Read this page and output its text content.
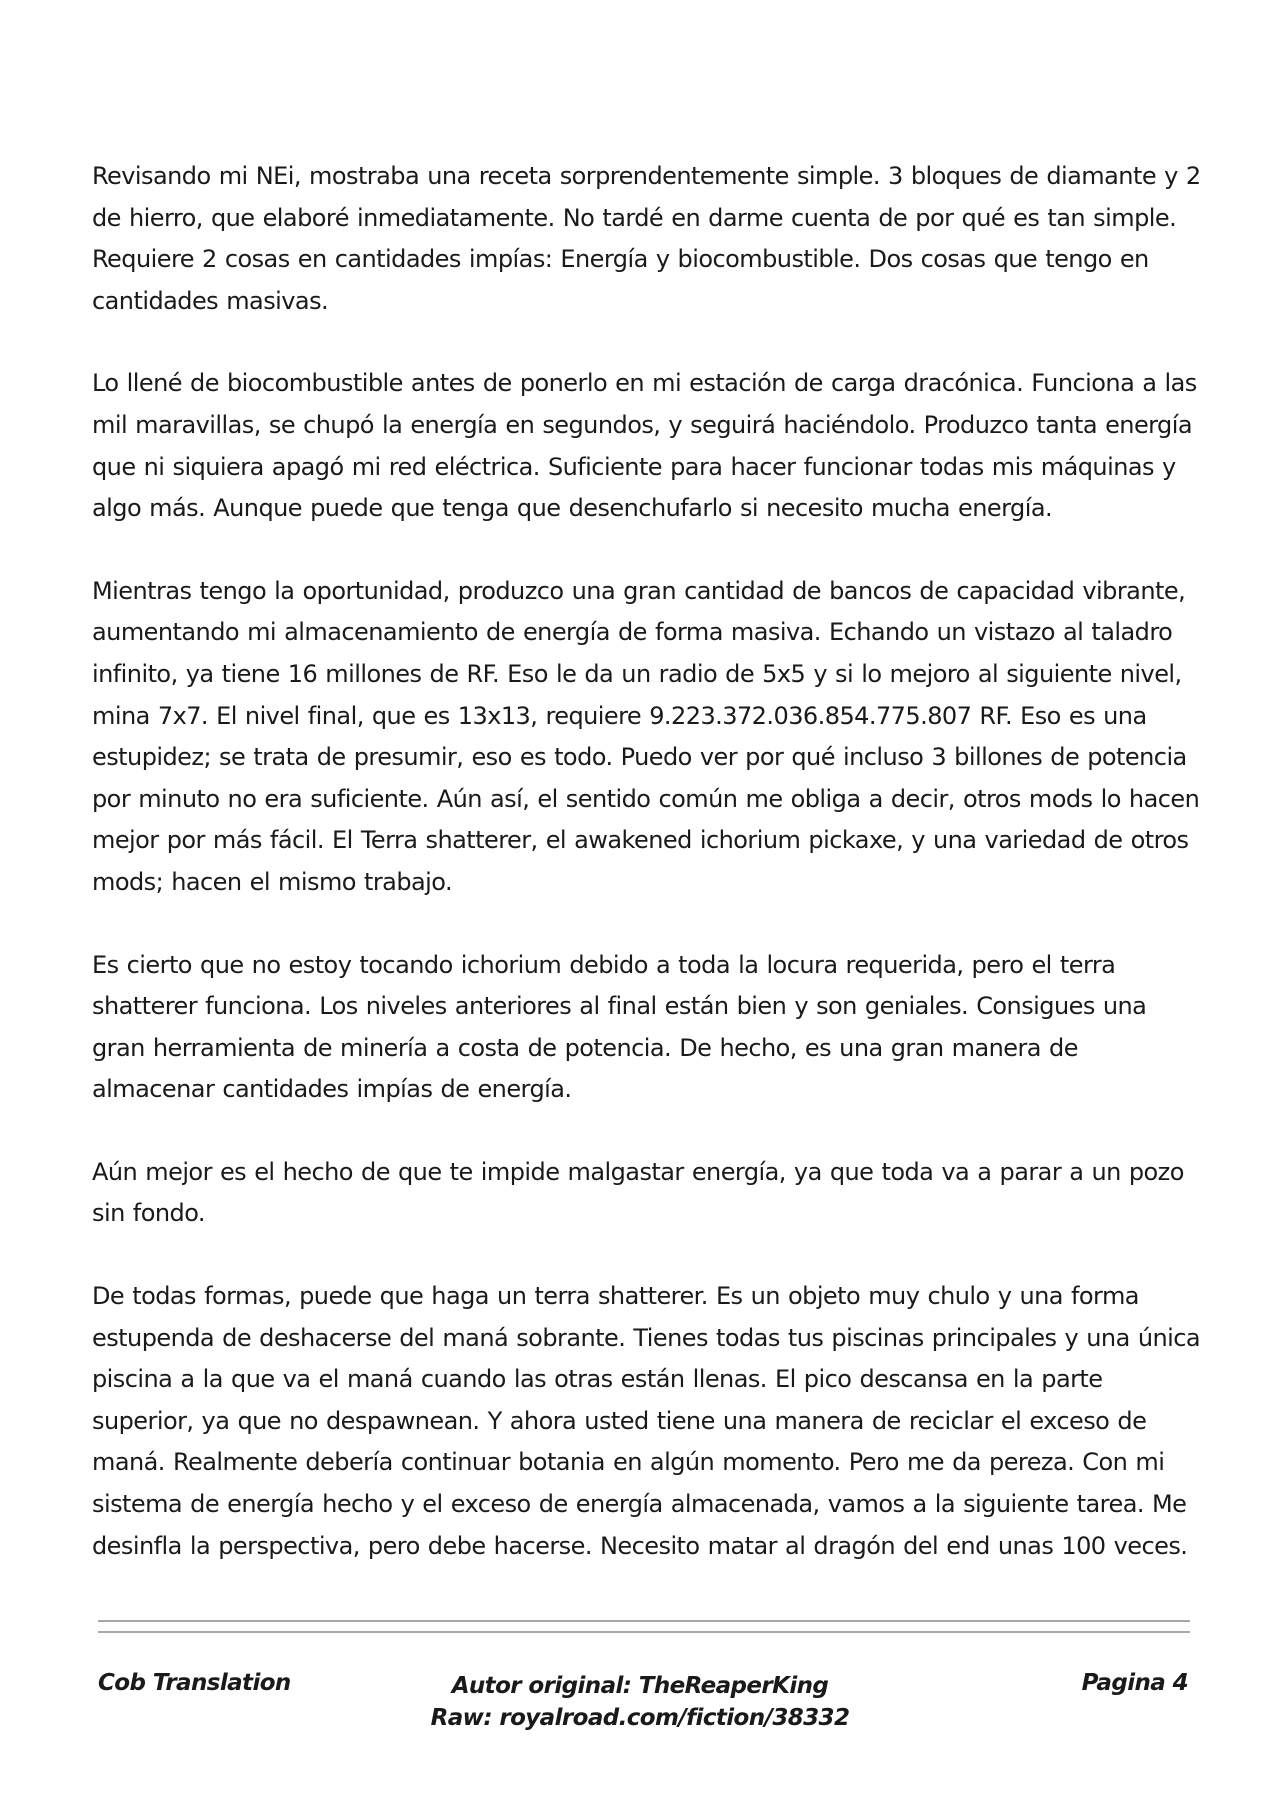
Revisando mi NEi, mostraba una receta sorprendentemente simple. 3 bloques de diamante y 2 de hierro, que elaboré inmediatamente. No tardé en darme cuenta de por qué es tan simple. Requiere 2 cosas en cantidades impías: Energía y biocombustible. Dos cosas que tengo en cantidades masivas.

Lo llené de biocombustible antes de ponerlo en mi estación de carga dracónica. Funciona a las mil maravillas, se chupó la energía en segundos, y seguirá haciéndolo. Produzco tanta energía que ni siquiera apagó mi red eléctrica. Suficiente para hacer funcionar todas mis máquinas y algo más. Aunque puede que tenga que desenchufarlo si necesito mucha energía.

Mientras tengo la oportunidad, produzco una gran cantidad de bancos de capacidad vibrante, aumentando mi almacenamiento de energía de forma masiva. Echando un vistazo al taladro infinito, ya tiene 16 millones de RF. Eso le da un radio de 5x5 y si lo mejoro al siguiente nivel, mina 7x7. El nivel final, que es 13x13, requiere 9.223.372.036.854.775.807 RF. Eso es una estupidez; se trata de presumir, eso es todo. Puedo ver por qué incluso 3 billones de potencia por minuto no era suficiente. Aún así, el sentido común me obliga a decir, otros mods lo hacen mejor por más fácil. El Terra shatterer, el awakened ichorium pickaxe, y una variedad de otros mods; hacen el mismo trabajo.

Es cierto que no estoy tocando ichorium debido a toda la locura requerida, pero el terra shatterer funciona. Los niveles anteriores al final están bien y son geniales. Consigues una gran herramienta de minería a costa de potencia. De hecho, es una gran manera de almacenar cantidades impías de energía.

Aún mejor es el hecho de que te impide malgastar energía, ya que toda va a parar a un pozo sin fondo.

De todas formas, puede que haga un terra shatterer. Es un objeto muy chulo y una forma estupenda de deshacerse del maná sobrante. Tienes todas tus piscinas principales y una única piscina a la que va el maná cuando las otras están llenas. El pico descansa en la parte superior, ya que no despawnean. Y ahora usted tiene una manera de reciclar el exceso de maná. Realmente debería continuar botania en algún momento. Pero me da pereza. Con mi sistema de energía hecho y el exceso de energía almacenada, vamos a la siguiente tarea. Me desinfla la perspectiva, pero debe hacerse. Necesito matar al dragón del end unas 100 veces.

Cob Translation	Autor original: TheReaperKing
Raw: royalroad.com/fiction/38332
Pagina 4
